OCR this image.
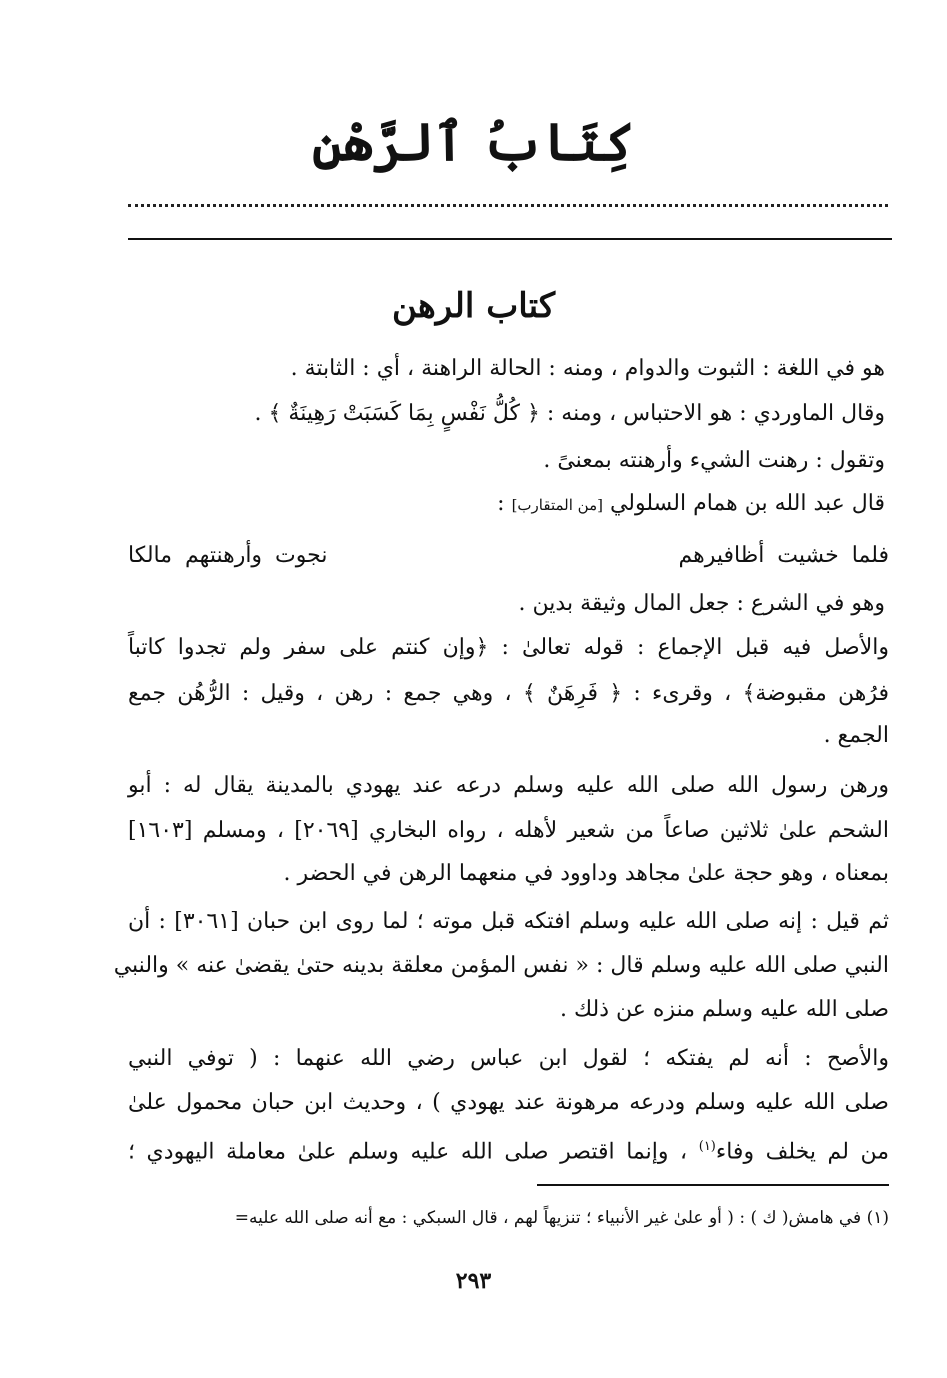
كِتَابُ ٱلرَّهْنِ
كتاب الرهن
هو في اللغة : الثبوت والدوام ، ومنه : الحالة الراهنة ، أي : الثابتة .
وقال الماوردي : هو الاحتباس ، ومنه : ﴿ كُلُّ نَفْسٍ بِمَا كَسَبَتْ رَهِينَةٌ ﴾ .
وتقول : رهنت الشيء وأرهنته بمعنىً .
قال عبد الله بن همام السلولي [من المتقارب] :
فلما خشيت أظافيرهم
نجوت وأرهنتهم مالكا
وهو في الشرع : جعل المال وثيقة بدين .
والأصل فيه قبل الإجماع : قوله تعالىٰ : ﴿وإن كنتم على سفر ولم تجدوا كاتباً
فرُهن مقبوضة﴾ ، وقرىء : ﴿ فَرِهَنٌ ﴾ ، وهي جمع : رهن ، وقيل : الرُّهُن جمع
الجمع .
ورهن رسول الله صلى الله عليه وسلم درعه عند يهودي بالمدينة يقال له : أبو
الشحم علىٰ ثلاثين صاعاً من شعير لأهله ، رواه البخاري [٢٠٦٩] ، ومسلم [١٦٠٣]
بمعناه ، وهو حجة علىٰ مجاهد وداوود في منعهما الرهن في الحضر .
ثم قيل : إنه صلى الله عليه وسلم افتكه قبل موته ؛ لما روى ابن حبان [٣٠٦١] : أن
النبي صلى الله عليه وسلم قال : « نفس المؤمن معلقة بدينه حتىٰ يقضىٰ عنه » والنبي
صلى الله عليه وسلم منزه عن ذلك .
والأصح : أنه لم يفتكه ؛ لقول ابن عباس رضي الله عنهما : ( توفي النبي
صلى الله عليه وسلم ودرعه مرهونة عند يهودي ) ، وحديث ابن حبان محمول علىٰ
من لم يخلف وفاء$^{(١)}$ ، وإنما اقتصر صلى الله عليه وسلم علىٰ معاملة اليهودي ؛
(١) في هامش( ك ) : ( أو علىٰ غير الأنبياء ؛ تنزيهاً لهم ، قال السبكي : مع أنه صلى الله عليه=
٢٩٣
